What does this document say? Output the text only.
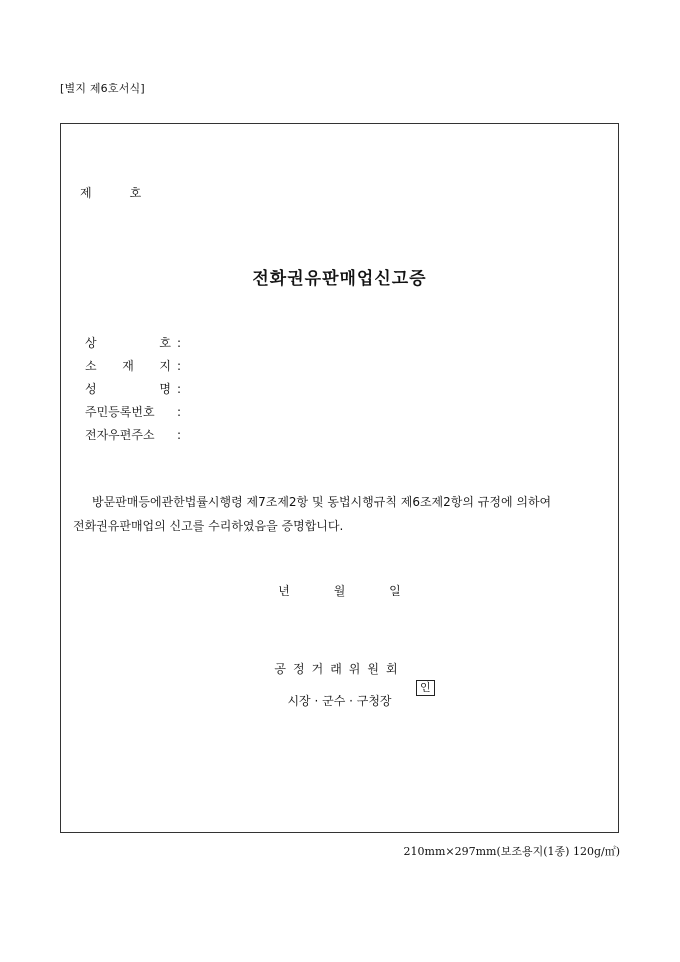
[별지 제6호서식]
제	호
전화권유판매업신고증
상	호 :
소 재 지 :
성	명 :
주민등록번호 :
전자우편주소 :

방문판매등에관한법률시행령 제7조제2항 및 동법시행규칙 제6조제2항의 규정에 의하여

전화권유판매업의 신고를 수리하였음을 증명합니다.

년	월	일
공정거래위원회
인
시장 · 군수 · 구청장
210mm×297mm(보조용지(1종) 120g/㎡)
